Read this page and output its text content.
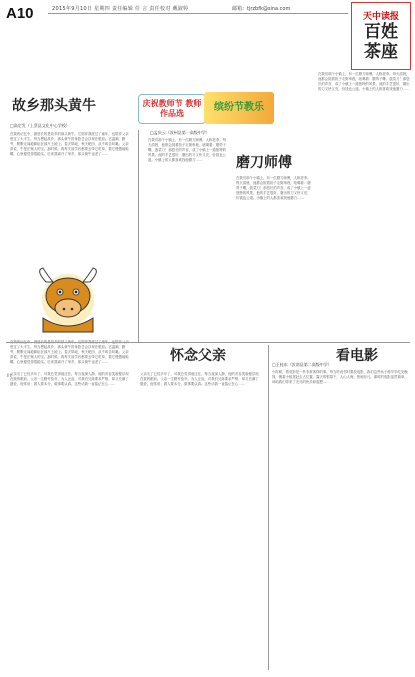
A10	2015年9月10日 星期四 责任编辑 任 言 责任校对 戴淑婷	邮箱：tjrzbfk@sina.com
天中读报
百姓
茶座
庆祝教师节 教师作品选
缤纷节教乐
故乡那头黄牛
□高定发（上蔡县文化中心学校）
在我的记忆中，最悠长的是故乡的那头黄牛。它陪伴我度过了童年，也陪伴父亲度过了大半生。每当想起故乡，那头黄牛的身影总会浮现在眼前。它温顺、勤劳，默默无闻地耕耘在那片土地上。春天犁地，秋天耙田，从不叫苦叫累。父亲常说，牛是庄稼人的宝。那时候，我每天放学后都要去牵它吃草，看它慢慢地咀嚼，心里便觉得很踏实。后来我离开了家乡，那头黄牛也老了……
度过了大半生。每当想起故乡，那头黄牛的身影总会浮现在眼前。它温顺、勤劳，默默无闻地耕耘在那片土地上。春天犁地，秋天耙田，从不叫苦叫累。父亲常说，牛是庄稼人的宝。那时候，我每天放学后都要去牵它吃草，看它慢慢地咀嚼，心里便觉得很踏实。后来我离开了家乡，那头黄牛也老了……
"
怀念父亲
父亲走了已经多年了，可我总觉得他还在。每当夜深人静，他的音容笑貌便浮现在我的眼前。父亲一生勤劳俭朴，为人正直，对我们兄妹要求严格，却又充满了慈爱。他常说：做人要本分，做事要认真。这些话我一直铭记在心……
父亲走了已经多年了，可我总觉得他还在。每当夜深人静，他的音容笑貌便浮现在我的眼前。父亲一生勤劳俭朴，为人正直，对我们兄妹要求严格，却又充满了慈爱。他常说：做人要本分，做事要认真。这些话我一直铭记在心……
□孟庆云（汝州县第一高级中学）
在我们那个小镇上，有一位磨刀师傅，人称老李。每天清晨，他都会挑着担子走街串巷，吆喝着：磨剪子嘞，戗菜刀！那悠长的声音，成了小镇上一道独特的风景。他的手艺很好，磨出的刀又快又亮，价钱也公道。小镇上的人都喜欢找他磨刀……	磨刀师傅
在我们那个小镇上，有一位磨刀师傅，人称老李。每天清晨，他都会挑着担子走街串巷，吆喝着：磨剪子嘞，戗菜刀！那悠长的声音，成了小镇上一道独特的风景。他的手艺很好，磨出的刀又快又亮，价钱也公道。小镇上的人都喜欢找他磨刀……
在我们那个小镇上，有一位磨刀师傅，人称老李。每天清晨，他都会挑着担子走街串巷，吆喝着：磨剪子嘞，戗菜刀！那悠长的声音，成了小镇上一道独特的风景。他的手艺很好，磨出的刀又快又亮，价钱也公道。小镇上的人都喜欢找他磨刀……
看电影
□王桂东（汝南县第二高级中学）
小时候，看电影是一件非常奢侈的事。每当听说邻村要放电影，我们这些孩子便早早吃完晚饭，搬着小板凳赶去占位置。露天的银幕下，人山人海，热闹非凡。那时的电影虽然简单，却给我们带来了无尽的快乐和遐想……
